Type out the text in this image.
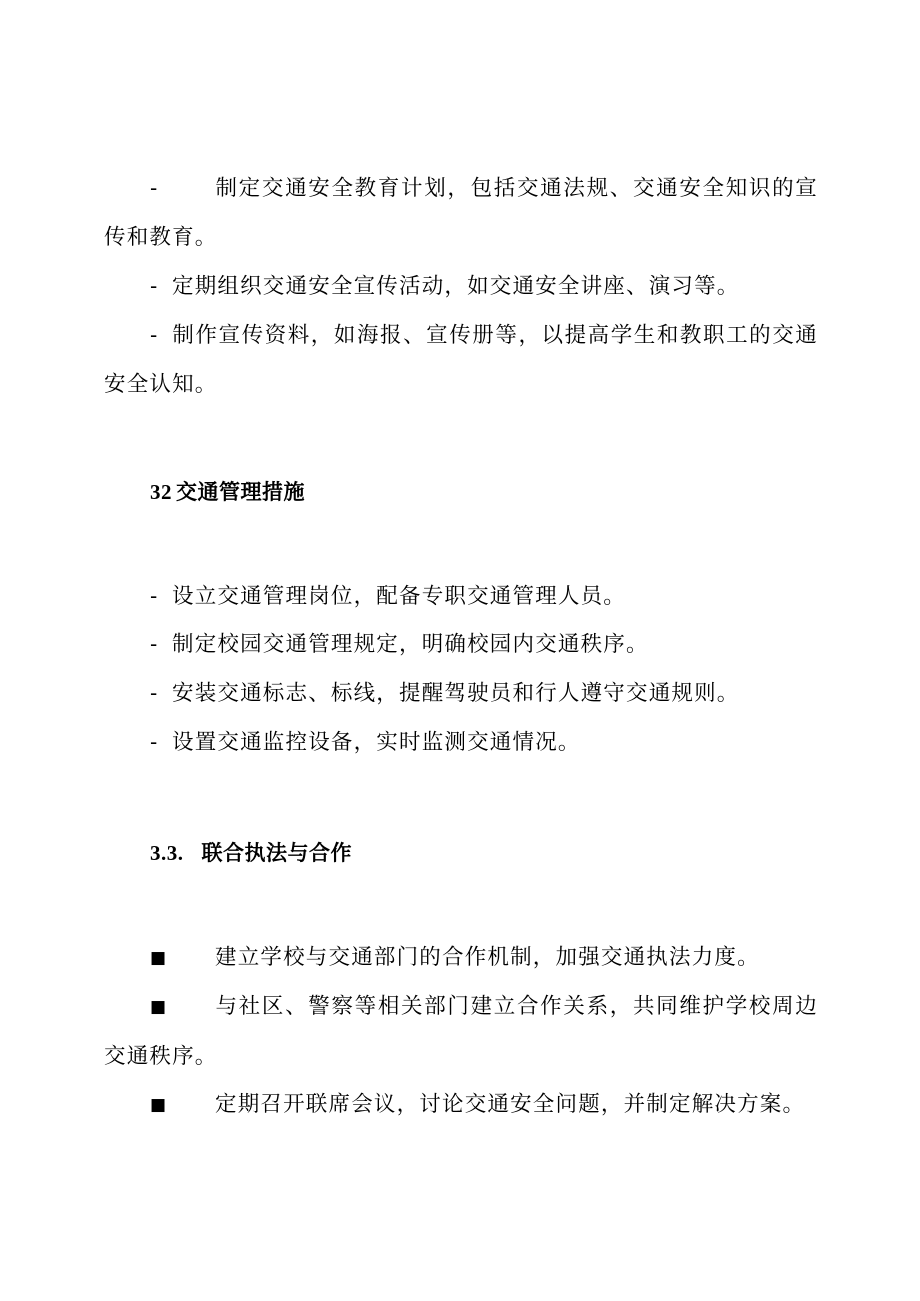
-	制定交通安全教育计划，包括交通法规、交通安全知识的宣传和教育。

- 定期组织交通安全宣传活动，如交通安全讲座、演习等。

- 制作宣传资料，如海报、宣传册等，以提高学生和教职工的交通安全认知。

32 交通管理措施

- 设立交通管理岗位，配备专职交通管理人员。

- 制定校园交通管理规定，明确校园内交通秩序。

- 安装交通标志、标线，提醒驾驶员和行人遵守交通规则。

- 设置交通监控设备，实时监测交通情况。

3.3. 联合执法与合作

■ 建立学校与交通部门的合作机制，加强交通执法力度。

■ 与社区、警察等相关部门建立合作关系，共同维护学校周边交通秩序。

■ 定期召开联席会议，讨论交通安全问题，并制定解决方案。
